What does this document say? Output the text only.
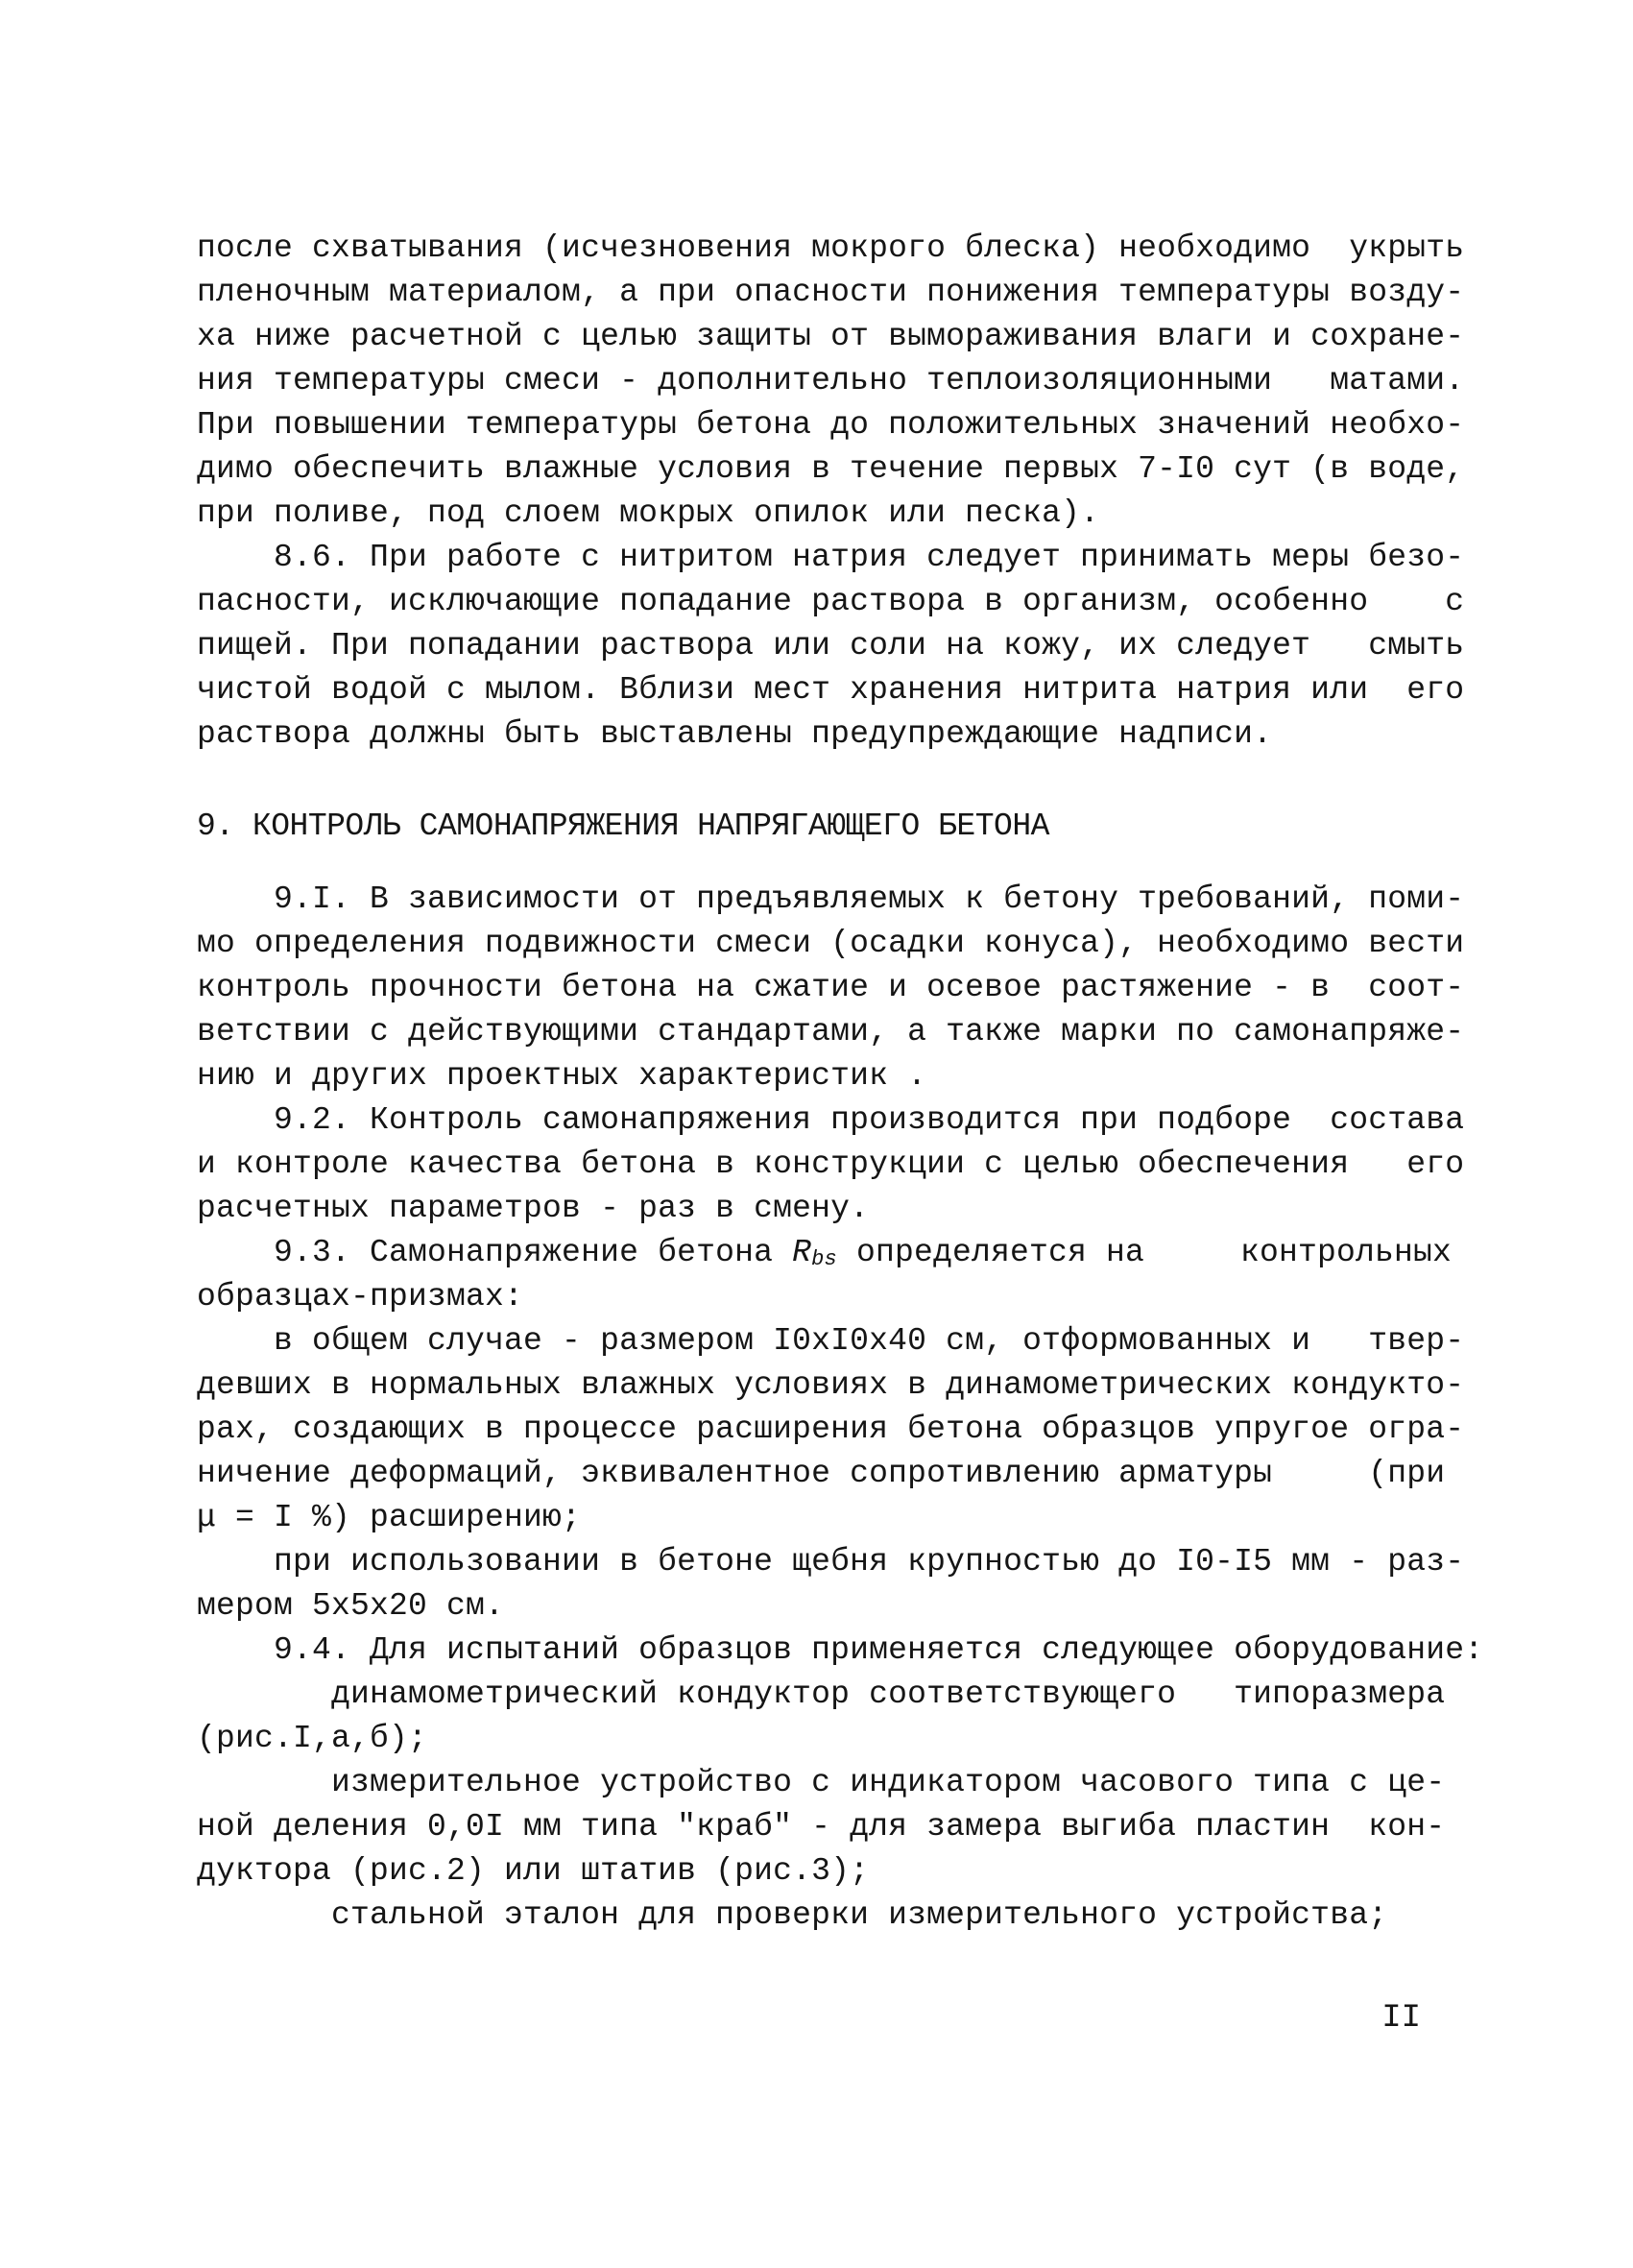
после схватывания (исчезновения мокрого блеска) необходимо  укрыть
пленочным материалом, а при опасности понижения температуры возду-
ха ниже расчетной с целью защиты от вымораживания влаги и сохране-
ния температуры смеси - дополнительно теплоизоляционными   матами.
При повышении температуры бетона до положительных значений необхо-
димо обеспечить влажные условия в течение первых 7-I0 сут (в воде,
при поливе, под слоем мокрых опилок или песка).
8.6. При работе с нитритом натрия следует принимать меры безо-
пасности, исключающие попадание раствора в организм, особенно    с
пищей. При попадании раствора или соли на кожу, их следует   смыть
чистой водой с мылом. Вблизи мест хранения нитрита натрия или  его
раствора должны быть выставлены предупреждающие надписи.
9. КОНТРОЛЬ САМОНАПРЯЖЕНИЯ НАПРЯГАЮЩЕГО БЕТОНА
9.I. В зависимости от предъявляемых к бетону требований, поми-
мо определения подвижности смеси (осадки конуса), необходимо вести
контроль прочности бетона на сжатие и осевое растяжение - в  соот-
ветствии с действующими стандартами, а также марки по самонапряже-
нию и других проектных характеристик .
9.2. Контроль самонапряжения производится при подборе  состава
и контроле качества бетона в конструкции с целью обеспечения   его
расчетных параметров - раз в смену.
9.3. Самонапряжение бетона Rbs определяется на     контрольных
образцах-призмах:
в общем случае - размером I0хI0х40 см, отформованных и   твер-
девших в нормальных влажных условиях в динамометрических кондукто-
рах, создающих в процессе расширения бетона образцов упругое огра-
ничение деформаций, эквивалентное сопротивлению арматуры     (при
μ = I %) расширению;
при использовании в бетоне щебня крупностью до I0-I5 мм - раз-
мером 5х5х20 см.
9.4. Для испытаний образцов применяется следующее оборудование:
динамометрический кондуктор соответствующего   типоразмера
(рис.I,а,б);
измерительное устройство с индикатором часового типа с це-
ной деления 0,0I мм типа "краб" - для замера выгиба пластин  кон-
дуктора (рис.2) или штатив (рис.3);
стальной эталон для проверки измерительного устройства;
II
